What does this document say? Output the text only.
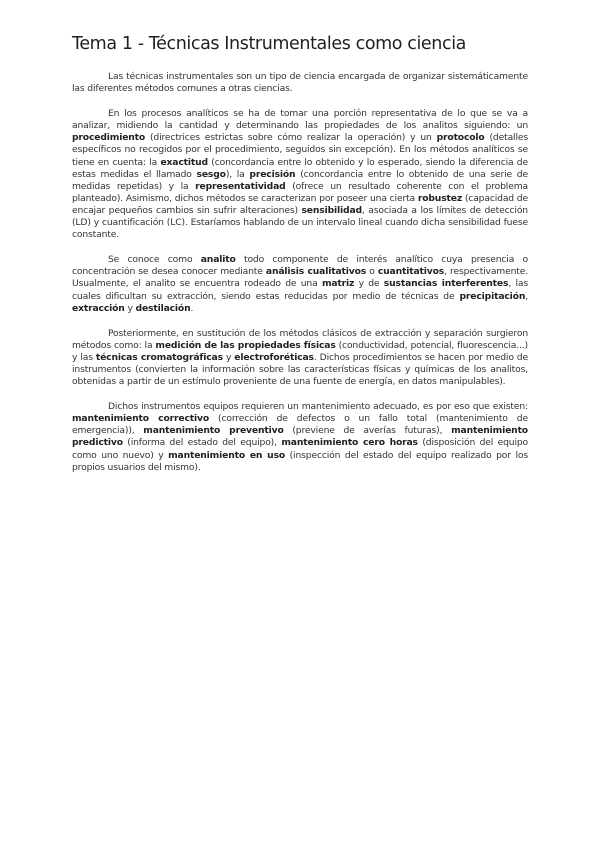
Tema 1 - Técnicas Instrumentales como ciencia

Las técnicas instrumentales son un tipo de ciencia encargada de organizar sistemáticamente las diferentes métodos comunes a otras ciencias.

En los procesos analíticos se ha de tomar una porción representativa de lo que se va a analizar, midiendo la cantidad y determinando las propiedades de los analitos siguiendo: un procedimiento (directrices estrictas sobre cómo realizar la operación) y un protocolo (detalles específicos no recogidos por el procedimiento, seguidos sin excepción). En los métodos analíticos se tiene en cuenta: la exactitud (concordancia entre lo obtenido y lo esperado, siendo la diferencia de estas medidas el llamado sesgo), la precisión (concordancia entre lo obtenido de una serie de medidas repetidas) y la representatividad (ofrece un resultado coherente con el problema planteado). Asimismo, dichos métodos se caracterizan por poseer una cierta robustez (capacidad de encajar pequeños cambios sin sufrir alteraciones) sensibilidad, asociada a los límites de detección (LD) y cuantificación (LC). Estaríamos hablando de un intervalo lineal cuando dicha sensibilidad fuese constante.

Se conoce como analito todo componente de interés analítico cuya presencia o concentración se desea conocer mediante análisis cualitativos o cuantitativos, respectivamente. Usualmente, el analito se encuentra rodeado de una matriz y de sustancias interferentes, las cuales dificultan su extracción, siendo estas reducidas por medio de técnicas de precipitación, extracción y destilación.

Posteriormente, en sustitución de los métodos clásicos de extracción y separación surgieron métodos como: la medición de las propiedades físicas (conductividad, potencial, fluorescencia...) y las técnicas cromatográficas y electroforéticas. Dichos procedimientos se hacen por medio de instrumentos (convierten la información sobre las características físicas y químicas de los analitos, obtenidas a partir de un estímulo proveniente de una fuente de energía, en datos manipulables).

Dichos instrumentos equipos requieren un mantenimiento adecuado, es por eso que existen: mantenimiento correctivo (corrección de defectos o un fallo total (mantenimiento de emergencia)), mantenimiento preventivo (previene de averías futuras), mantenimiento predictivo (informa del estado del equipo), mantenimiento cero horas (disposición del equipo como uno nuevo) y mantenimiento en uso (inspección del estado del equipo realizado por los propios usuarios del mismo).
